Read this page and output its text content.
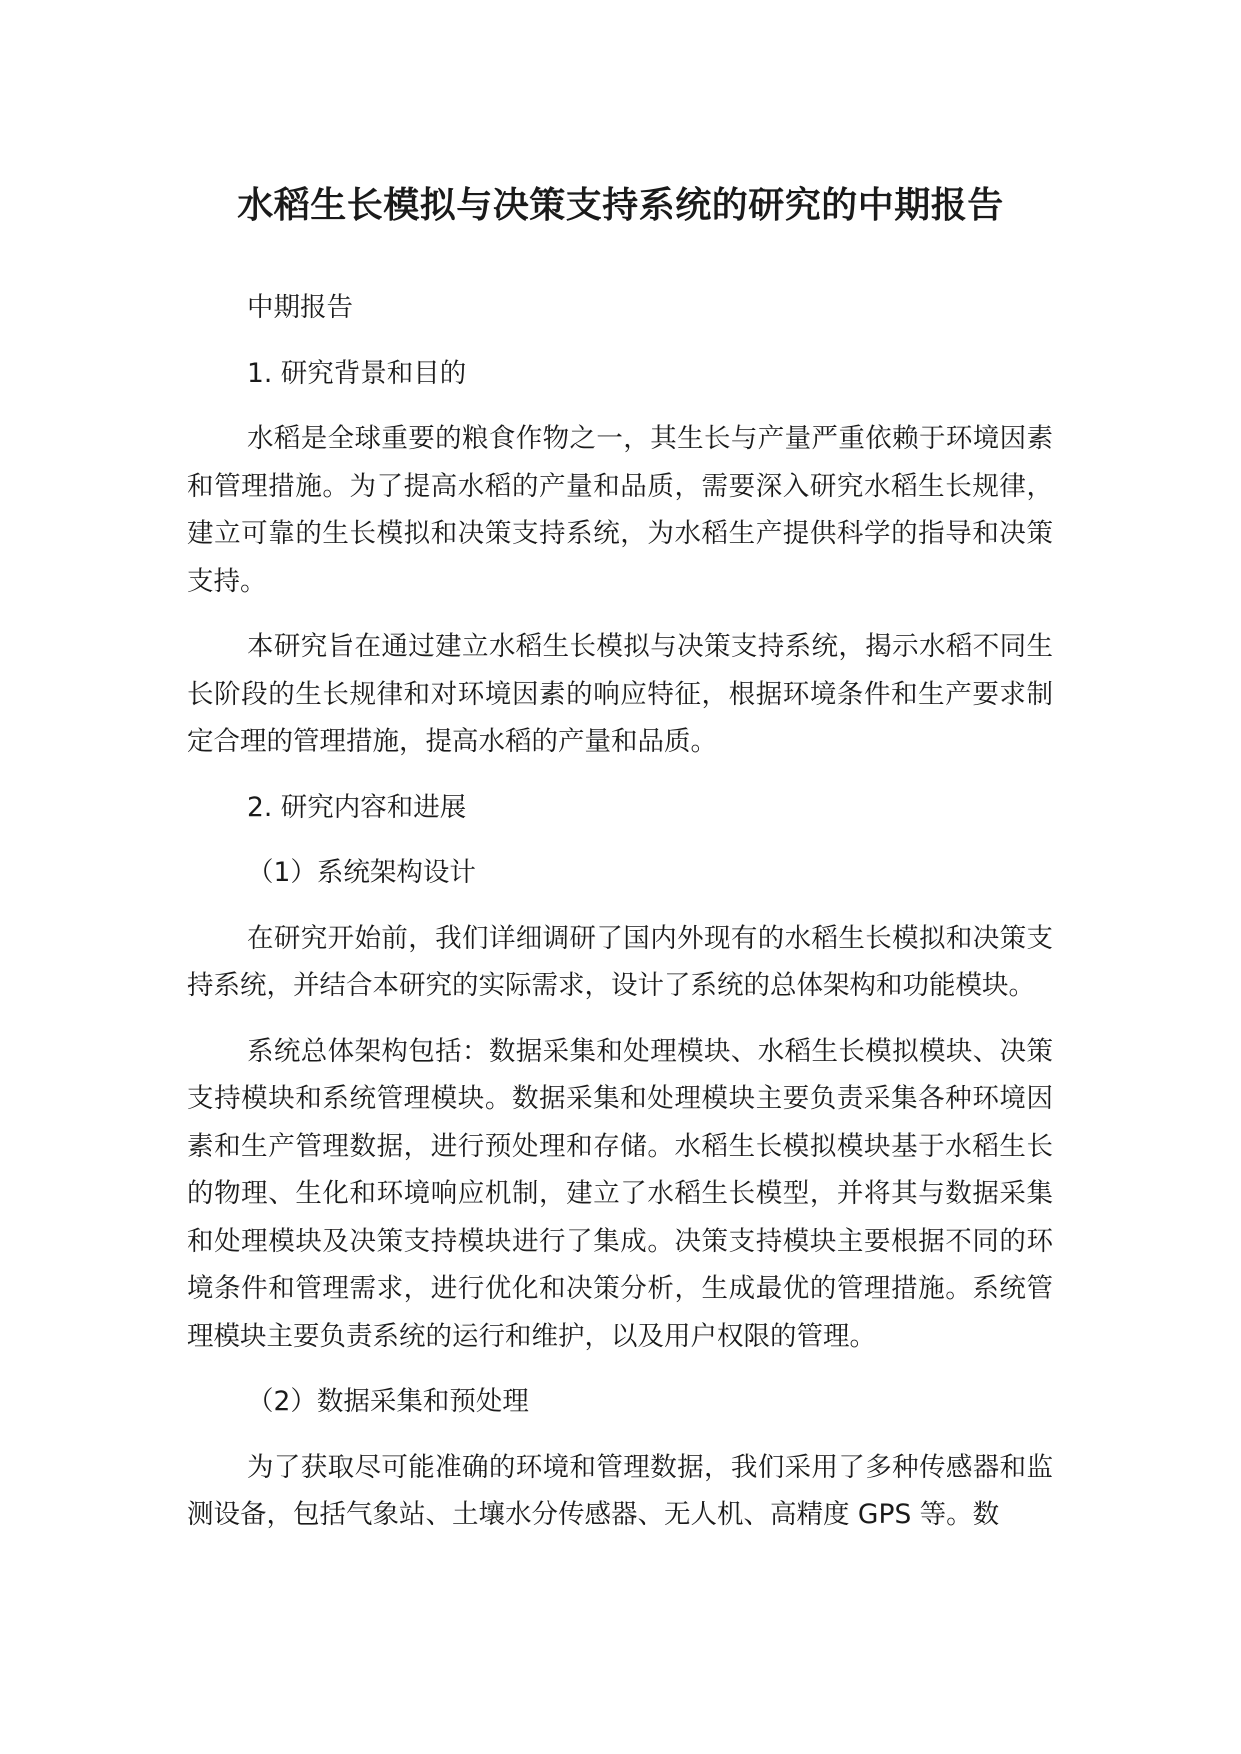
水稻生长模拟与决策支持系统的研究的中期报告

中期报告

1. 研究背景和目的

水稻是全球重要的粮食作物之一，其生长与产量严重依赖于环境因素和管理措施。为了提高水稻的产量和品质，需要深入研究水稻生长规律，建立可靠的生长模拟和决策支持系统，为水稻生产提供科学的指导和决策支持。

本研究旨在通过建立水稻生长模拟与决策支持系统，揭示水稻不同生长阶段的生长规律和对环境因素的响应特征，根据环境条件和生产要求制定合理的管理措施，提高水稻的产量和品质。

2. 研究内容和进展

（1）系统架构设计

在研究开始前，我们详细调研了国内外现有的水稻生长模拟和决策支持系统，并结合本研究的实际需求，设计了系统的总体架构和功能模块。

系统总体架构包括：数据采集和处理模块、水稻生长模拟模块、决策支持模块和系统管理模块。数据采集和处理模块主要负责采集各种环境因素和生产管理数据，进行预处理和存储。水稻生长模拟模块基于水稻生长的物理、生化和环境响应机制，建立了水稻生长模型，并将其与数据采集和处理模块及决策支持模块进行了集成。决策支持模块主要根据不同的环境条件和管理需求，进行优化和决策分析，生成最优的管理措施。系统管理模块主要负责系统的运行和维护，以及用户权限的管理。

（2）数据采集和预处理

为了获取尽可能准确的环境和管理数据，我们采用了多种传感器和监测设备，包括气象站、土壤水分传感器、无人机、高精度 GPS 等。数
